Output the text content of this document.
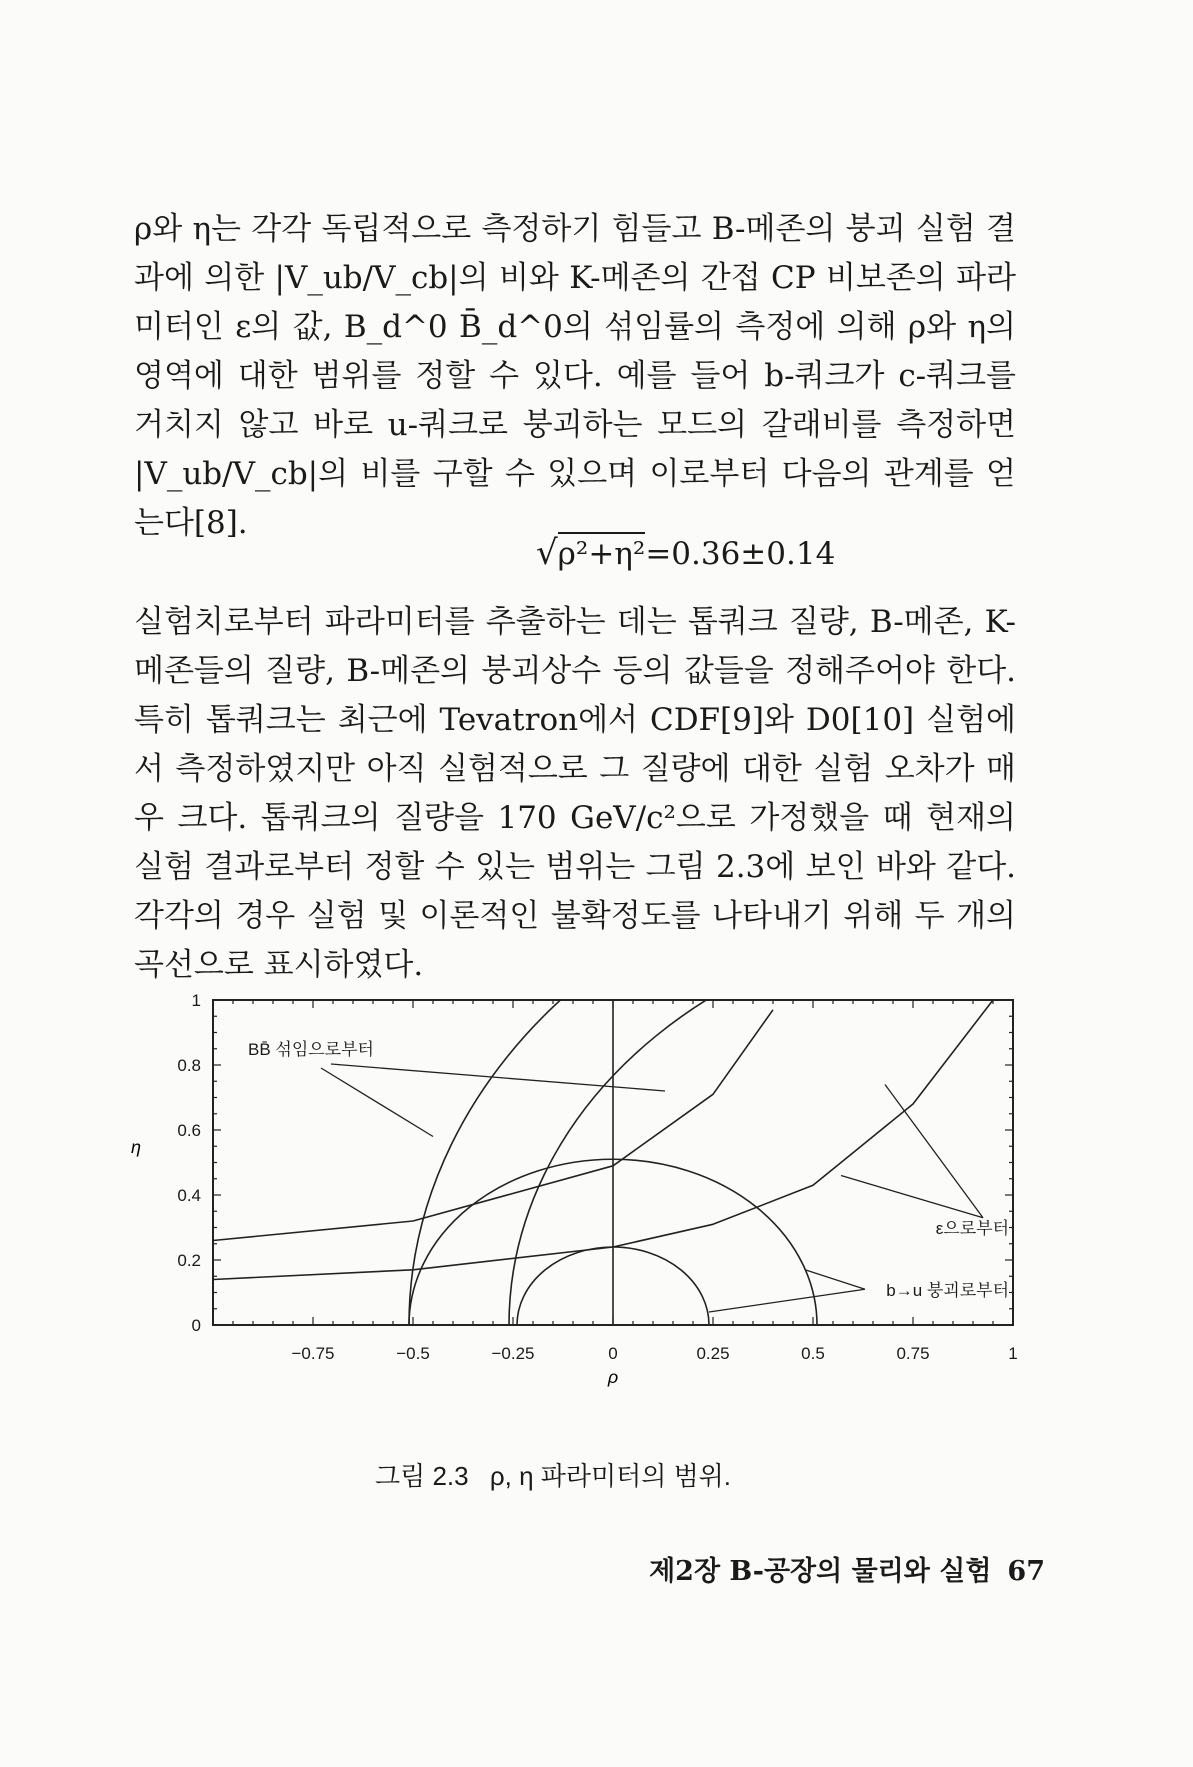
ρ와 η는 각각 독립적으로 측정하기 힘들고 B-메존의 붕괴 실험 결과에 의한 |V_ub/V_cb|의 비와 K-메존의 간접 CP 비보존의 파라미터인 ε의 값, B_d^0 B̄_d^0의 섞임률의 측정에 의해 ρ와 η의 영역에 대한 범위를 정할 수 있다. 예를 들어 b-쿼크가 c-쿼크를 거치지 않고 바로 u-쿼크로 붕괴하는 모드의 갈래비를 측정하면 |V_ub/V_cb|의 비를 구할 수 있으며 이로부터 다음의 관계를 얻는다[8].
√ρ²+η²=0.36±0.14
실험치로부터 파라미터를 추출하는 데는 톱쿼크 질량, B-메존, K-메존들의 질량, B-메존의 붕괴상수 등의 값들을 정해주어야 한다. 특히 톱쿼크는 최근에 Tevatron에서 CDF[9]와 D0[10] 실험에서 측정하였지만 아직 실험적으로 그 질량에 대한 실험 오차가 매우 크다. 톱쿼크의 질량을 170 GeV/c²으로 가정했을 때 현재의 실험 결과로부터 정할 수 있는 범위는 그림 2.3에 보인 바와 같다. 각각의 경우 실험 및 이론적인 불확정도를 나타내기 위해 두 개의 곡선으로 표시하였다.
−0.75	−0.5	−0.25	0	0.25	0.5	0.75	1
0
0.2
0.4
0.6
0.8
1
ρ
η
BB̄ 섞임으로부터
ε으로부터
b→u 붕괴로부터
그림 2.3 ρ, η 파라미터의 범위.
제2장 B-공장의 물리와 실험 67
